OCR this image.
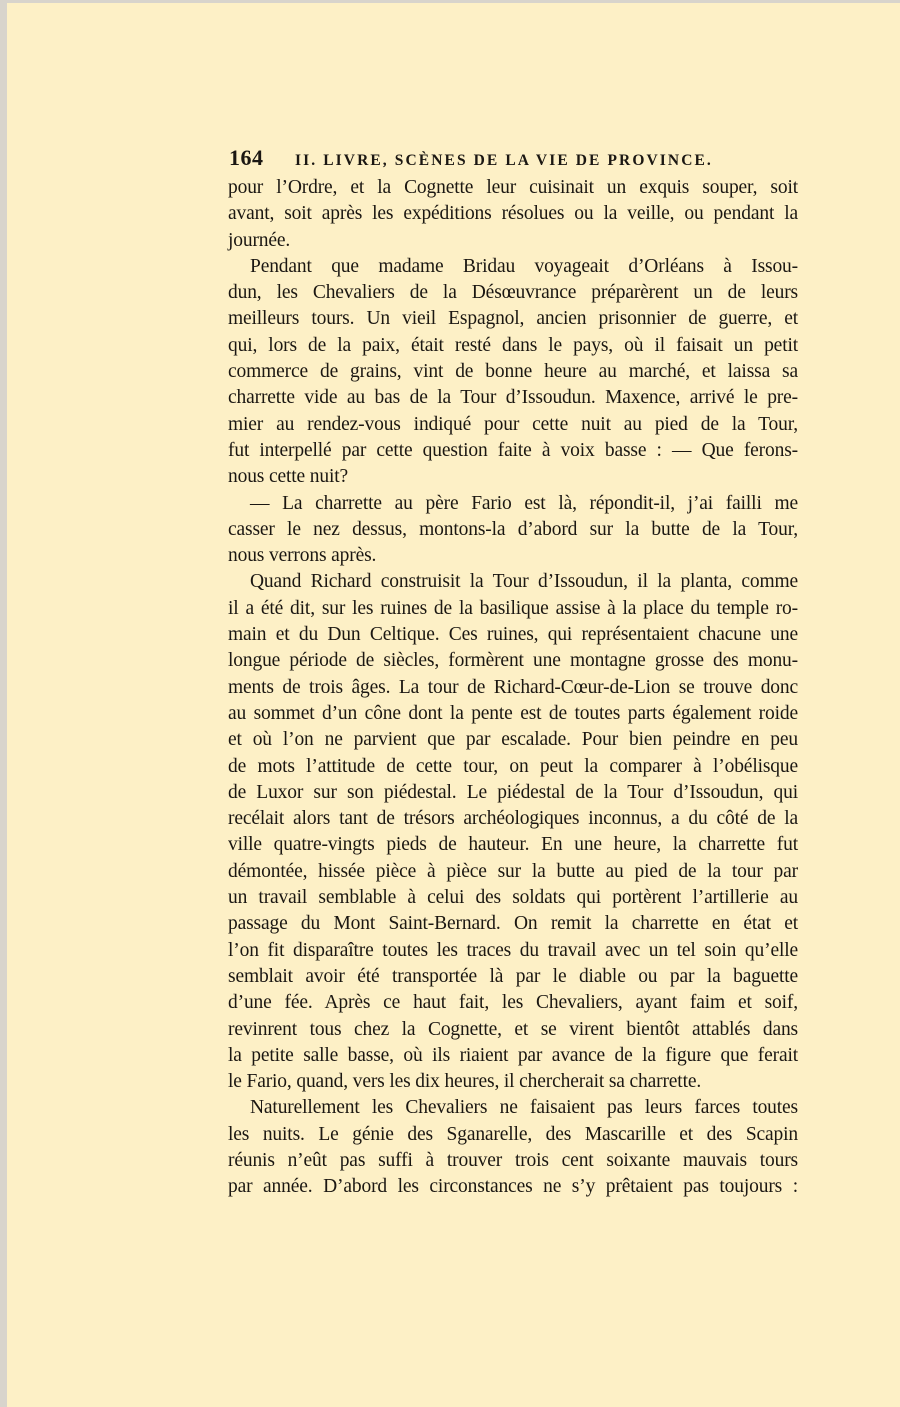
164	II. LIVRE, SCÈNES DE LA VIE DE PROVINCE.
pour l’Ordre, et la Cognette leur cuisinait un exquis souper, soit
avant, soit après les expéditions résolues ou la veille, ou pendant la
journée.
Pendant que madame Bridau voyageait d’Orléans à Issou-
dun, les Chevaliers de la Désœuvrance préparèrent un de leurs
meilleurs tours. Un vieil Espagnol, ancien prisonnier de guerre, et
qui, lors de la paix, était resté dans le pays, où il faisait un petit
commerce de grains, vint de bonne heure au marché, et laissa sa
charrette vide au bas de la Tour d’Issoudun. Maxence, arrivé le pre-
mier au rendez-vous indiqué pour cette nuit au pied de la Tour,
fut interpellé par cette question faite à voix basse : — Que ferons-
nous cette nuit?
— La charrette au père Fario est là, répondit-il, j’ai failli me
casser le nez dessus, montons-la d’abord sur la butte de la Tour,
nous verrons après.
Quand Richard construisit la Tour d’Issoudun, il la planta, comme
il a été dit, sur les ruines de la basilique assise à la place du temple ro-
main et du Dun Celtique. Ces ruines, qui représentaient chacune une
longue période de siècles, formèrent une montagne grosse des monu-
ments de trois âges. La tour de Richard-Cœur-de-Lion se trouve donc
au sommet d’un cône dont la pente est de toutes parts également roide
et où l’on ne parvient que par escalade. Pour bien peindre en peu
de mots l’attitude de cette tour, on peut la comparer à l’obélisque
de Luxor sur son piédestal. Le piédestal de la Tour d’Issoudun, qui
recélait alors tant de trésors archéologiques inconnus, a du côté de la
ville quatre-vingts pieds de hauteur. En une heure, la charrette fut
démontée, hissée pièce à pièce sur la butte au pied de la tour par
un travail semblable à celui des soldats qui portèrent l’artillerie au
passage du Mont Saint-Bernard. On remit la charrette en état et
l’on fit disparaître toutes les traces du travail avec un tel soin qu’elle
semblait avoir été transportée là par le diable ou par la baguette
d’une fée. Après ce haut fait, les Chevaliers, ayant faim et soif,
revinrent tous chez la Cognette, et se virent bientôt attablés dans
la petite salle basse, où ils riaient par avance de la figure que ferait
le Fario, quand, vers les dix heures, il chercherait sa charrette.
Naturellement les Chevaliers ne faisaient pas leurs farces toutes
les nuits. Le génie des Sganarelle, des Mascarille et des Scapin
réunis n’eût pas suffi à trouver trois cent soixante mauvais tours
par année. D’abord les circonstances ne s’y prêtaient pas toujours :
